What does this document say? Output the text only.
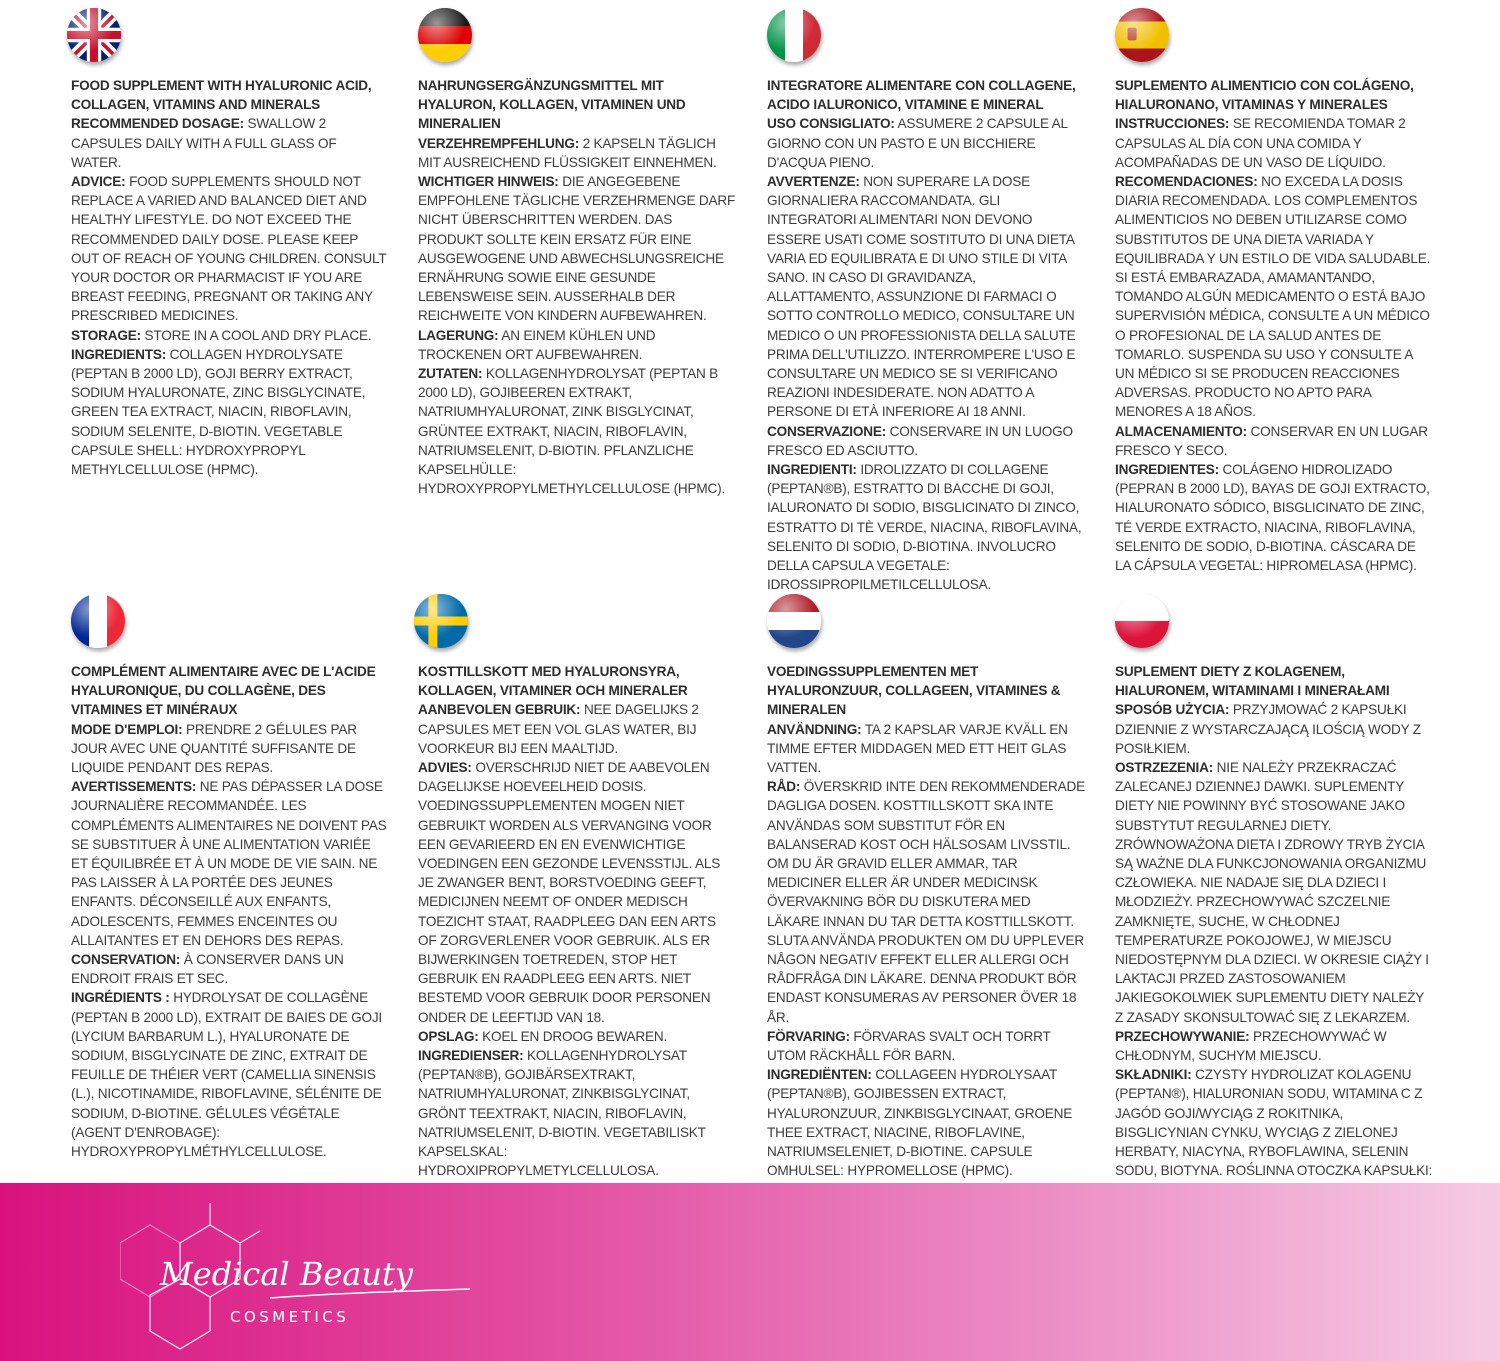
FOOD SUPPLEMENT WITH HYALURONIC ACID, COLLAGEN, VITAMINS AND MINERALS
RECOMMENDED DOSAGE: SWALLOW 2 CAPSULES DAILY WITH A FULL GLASS OF WATER.
ADVICE: FOOD SUPPLEMENTS SHOULD NOT REPLACE A VARIED AND BALANCED DIET AND HEALTHY LIFESTYLE. DO NOT EXCEED THE RECOMMENDED DAILY DOSE. PLEASE KEEP OUT OF REACH OF YOUNG CHILDREN. CONSULT YOUR DOCTOR OR PHARMACIST IF YOU ARE BREAST FEEDING, PREGNANT OR TAKING ANY PRESCRIBED MEDICINES.
STORAGE: STORE IN A COOL AND DRY PLACE.
INGREDIENTS: COLLAGEN HYDROLYSATE (PEPTAN B 2000 LD), GOJI BERRY EXTRACT, SODIUM HYALURONATE, ZINC BISGLYCINATE, GREEN TEA EXTRACT, NIACIN, RIBOFLAVIN, SODIUM SELENITE, D-BIOTIN. VEGETABLE CAPSULE SHELL: HYDROXYPROPYL METHYLCELLULOSE (HPMC).
NAHRUNGSERGÄNZUNGSMITTEL MIT HYALURON, KOLLAGEN, VITAMINEN UND MINERALIEN
VERZEHREMPFEHLUNG: 2 KAPSELN TÄGLICH MIT AUSREICHEND FLÜSSIGKEIT EINNEHMEN.
WICHTIGER HINWEIS: DIE ANGEGEBENE EMPFOHLENE TÄGLICHE VERZEHRMENGE DARF NICHT ÜBERSCHRITTEN WERDEN. DAS PRODUKT SOLLTE KEIN ERSATZ FÜR EINE AUSGEWOGENE UND ABWECHSLUNGSREICHE ERNÄHRUNG SOWIE EINE GESUNDE LEBENSWEISE SEIN. AUSSERHALB DER REICHWEITE VON KINDERN AUFBEWAHREN.
LAGERUNG: AN EINEM KÜHLEN UND TROCKENEN ORT AUFBEWAHREN.
ZUTATEN: KOLLAGENHYDROLYSAT (PEPTAN B 2000 LD), GOJIBEEREN EXTRAKT, NATRIUMHYALURONAT, ZINK BISGLYCINAT, GRÜNTEE EXTRAKT, NIACIN, RIBOFLAVIN, NATRIUMSELENIT, D-BIOTIN. PFLANZLICHE KAPSELHÜLLE: HYDROXYPROPYLMETHYLCELLULOSE (HPMC).
INTEGRATORE ALIMENTARE CON COLLAGENE, ACIDO IALURONICO, VITAMINE E MINERAL
USO CONSIGLIATO: ASSUMERE 2 CAPSULE AL GIORNO CON UN PASTO E UN BICCHIERE D'ACQUA PIENO.
AVVERTENZE: NON SUPERARE LA DOSE GIORNALIERA RACCOMANDATA. GLI INTEGRATORI ALIMENTARI NON DEVONO ESSERE USATI COME SOSTITUTO DI UNA DIETA VARIA ED EQUILIBRATA E DI UNO STILE DI VITA SANO. IN CASO DI GRAVIDANZA, ALLATTAMENTO, ASSUNZIONE DI FARMACI O SOTTO CONTROLLO MEDICO, CONSULTARE UN MEDICO O UN PROFESSIONISTA DELLA SALUTE PRIMA DELL'UTILIZZO. INTERROMPERE L'USO E CONSULTARE UN MEDICO SE SI VERIFICANO REAZIONI INDESIDERATE. NON ADATTO A PERSONE DI ETÀ INFERIORE AI 18 ANNI.
CONSERVAZIONE: CONSERVARE IN UN LUOGO FRESCO ED ASCIUTTO.
INGREDIENTI: IDROLIZZATO DI COLLAGENE (PEPTAN®B), ESTRATTO DI BACCHE DI GOJI, IALURONATO DI SODIO, BISGLICINATO DI ZINCO, ESTRATTO DI TÈ VERDE, NIACINA, RIBOFLAVINA, SELENITO DI SODIO, D-BIOTINA. INVOLUCRO DELLA CAPSULA VEGETALE: IDROSSIPROPILMETILCELLULOSA.
SUPLEMENTO ALIMENTICIO CON COLÁGENO, HIALURONANO, VITAMINAS Y MINERALES
INSTRUCCIONES: SE RECOMIENDA TOMAR 2 CAPSULAS AL DÍA CON UNA COMIDA Y ACOMPAÑADAS DE UN VASO DE LÍQUIDO.
RECOMENDACIONES: NO EXCEDA LA DOSIS DIARIA RECOMENDADA. LOS COMPLEMENTOS ALIMENTICIOS NO DEBEN UTILIZARSE COMO SUBSTITUTOS DE UNA DIETA VARIADA Y EQUILIBRADA Y UN ESTILO DE VIDA SALUDABLE. SI ESTÁ EMBARAZADA, AMAMANTANDO, TOMANDO ALGÚN MEDICAMENTO O ESTÁ BAJO SUPERVISIÓN MÉDICA, CONSULTE A UN MÉDICO O PROFESIONAL DE LA SALUD ANTES DE TOMARLO. SUSPENDA SU USO Y CONSULTE A UN MÉDICO SI SE PRODUCEN REACCIONES ADVERSAS. PRODUCTO NO APTO PARA MENORES A 18 AÑOS.
ALMACENAMIENTO: CONSERVAR EN UN LUGAR FRESCO Y SECO.
INGREDIENTES: COLÁGENO HIDROLIZADO (PEPRAN B 2000 LD), BAYAS DE GOJI EXTRACTO, HIALURONATO SÓDICO, BISGLICINATO DE ZINC, TÉ VERDE EXTRACTO, NIACINA, RIBOFLAVINA, SELENITO DE SODIO, D-BIOTINA. CÁSCARA DE LA CÁPSULA VEGETAL: HIPROMELASA (HPMC).
COMPLÉMENT ALIMENTAIRE AVEC DE L'ACIDE HYALURONIQUE, DU COLLAGÈNE, DES VITAMINES ET MINÉRAUX
MODE D'EMPLOI: PRENDRE 2 GÉLULES PAR JOUR AVEC UNE QUANTITÉ SUFFISANTE DE LIQUIDE PENDANT DES REPAS.
AVERTISSEMENTS: NE PAS DÉPASSER LA DOSE JOURNALIÈRE RECOMMANDÉE. LES COMPLÉMENTS ALIMENTAIRES NE DOIVENT PAS SE SUBSTITUER À UNE ALIMENTATION VARIÉE ET ÉQUILIBRÉE ET À UN MODE DE VIE SAIN. NE PAS LAISSER À LA PORTÉE DES JEUNES ENFANTS. DÉCONSEILLÉ AUX ENFANTS, ADOLESCENTS, FEMMES ENCEINTES OU ALLAITANTES ET EN DEHORS DES REPAS.
CONSERVATION: À CONSERVER DANS UN ENDROIT FRAIS ET SEC.
INGRÉDIENTS : HYDROLYSAT DE COLLAGÈNE (PEPTAN B 2000 LD), EXTRAIT DE BAIES DE GOJI (LYCIUM BARBARUM L.), HYALURONATE DE SODIUM, BISGLYCINATE DE ZINC, EXTRAIT DE FEUILLE DE THÉIER VERT (CAMELLIA SINENSIS (L.), NICOTINAMIDE, RIBOFLAVINE, SÉLÉNITE DE SODIUM, D-BIOTINE. GÉLULES VÉGÉTALE (AGENT D'ENROBAGE): HYDROXYPROPYLMÉTHYLCELLULOSE.
KOSTTILLSKOTT MED HYALURONSYRA, KOLLAGEN, VITAMINER OCH MINERALER
AANBEVOLEN GEBRUIK: NEE DAGELIJKS 2 CAPSULES MET EEN VOL GLAS WATER, BIJ VOORKEUR BIJ EEN MAALTIJD.
ADVIES: OVERSCHRIJD NIET DE AABEVOLEN DAGELIJKSE HOEVEELHEID DOSIS. VOEDINGSSUPPLEMENTEN MOGEN NIET GEBRUIKT WORDEN ALS VERVANGING VOOR EEN GEVARIEERD EN EN EVENWICHTIGE VOEDINGEN EEN GEZONDE LEVENSSTIJL. ALS JE ZWANGER BENT, BORSTVOEDING GEEFT, MEDICIJNEN NEEMT OF ONDER MEDISCH TOEZICHT STAAT, RAADPLEEG DAN EEN ARTS OF ZORGVERLENER VOOR GEBRUIK. ALS ER BIJWERKINGEN TOETREDEN, STOP HET GEBRUIK EN RAADPLEEG EEN ARTS. NIET BESTEMD VOOR GEBRUIK DOOR PERSONEN ONDER DE LEEFTIJD VAN 18.
OPSLAG: KOEL EN DROOG BEWAREN.
INGREDIENSER: KOLLAGENHYDROLYSAT (PEPTAN®B), GOJIBÄRSEXTRAKT, NATRIUMHYALURONAT, ZINKBISGLYCINAT, GRÖNT TEEXTRAKT, NIACIN, RIBOFLAVIN, NATRIUMSELENIT, D-BIOTIN. VEGETABILISKT KAPSELSKAL: HYDROXIPROPYLMETYLCELLULOSA.
VOEDINGSSUPPLEMENTEN MET HYALURONZUUR, COLLAGEEN, VITAMINES & MINERALEN
ANVÄNDNING: TA 2 KAPSLAR VARJE KVÄLL EN TIMME EFTER MIDDAGEN MED ETT HEIT GLAS VATTEN.
RÅD: ÖVERSKRID INTE DEN REKOMMENDERADE DAGLIGA DOSEN. KOSTTILLSKOTT SKA INTE ANVÄNDAS SOM SUBSTITUT FÖR EN BALANSERAD KOST OCH HÄLSOSAM LIVSSTIL. OM DU ÄR GRAVID ELLER AMMAR, TAR MEDICINER ELLER ÄR UNDER MEDICINSK ÖVERVAKNING BÖR DU DISKUTERA MED LÄKARE INNAN DU TAR DETTA KOSTTILLSKOTT. SLUTA ANVÄNDA PRODUKTEN OM DU UPPLEVER NÅGON NEGATIV EFFEKT ELLER ALLERGI OCH RÅDFRÅGA DIN LÄKARE. DENNA PRODUKT BÖR ENDAST KONSUMERAS AV PERSONER ÖVER 18 ÅR.
FÖRVARING: FÖRVARAS SVALT OCH TORRT UTOM RÄCKHÅLL FÖR BARN.
INGREDIËNTEN: COLLAGEEN HYDROLYSAAT (PEPTAN®B), GOJIBESSEN EXTRACT, HYALURONZUUR, ZINKBISGLYCINAAT, GROENE THEE EXTRACT, NIACINE, RIBOFLAVINE, NATRIUMSELENIET, D-BIOTINE. CAPSULE OMHULSEL: HYPROMELLOSE (HPMC).
SUPLEMENT DIETY Z KOLAGENEM, HIALURONEM, WITAMINAMI I MINERAŁAMI
SPOSÓB UŻYCIA: PRZYJMOWAĆ 2 KAPSUŁKI DZIENNIE Z WYSTARCZAJĄCĄ ILOŚCIĄ WODY Z POSIŁKIEM.
OSTRZEZENIA: NIE NALEŻY PRZEKRACZAĆ ZALECANEJ DZIENNEJ DAWKI. SUPLEMENTY DIETY NIE POWINNY BYĆ STOSOWANE JAKO SUBSTYTUT REGULARNEJ DIETY. ZRÓWNOWAŻONA DIETA I ZDROWY TRYB ŻYCIA SĄ WAŻNE DLA FUNKCJONOWANIA ORGANIZMU CZŁOWIEKA. NIE NADAJE SIĘ DLA DZIECI I MŁODZIEŻY. PRZECHOWYWAĆ SZCZELNIE ZAMKNIĘTE, SUCHE, W CHŁODNEJ TEMPERATURZE POKOJOWEJ, W MIEJSCU NIEDOSTĘPNYM DLA DZIECI. W OKRESIE CIĄŻY I LAKTACJI PRZED ZASTOSOWANIEM JAKIEGOKOLWIEK SUPLEMENTU DIETY NALEŻY Z ZASADY SKONSULTOWAĆ SIĘ Z LEKARZEM.
PRZECHOWYWANIE: PRZECHOWYWAĆ W CHŁODNYM, SUCHYM MIEJSCU.
SKŁADNIKI: CZYSTY HYDROLIZAT KOLAGENU (PEPTAN®), HIALURONIAN SODU, WITAMINA C Z JAGÓD GOJI/WYCIĄG Z ROKITNIKA, BISGLICYNIAN CYNKU, WYCIĄG Z ZIELONEJ HERBATY, NIACYNA, RYBOFLAWINA, SELENIN SODU, BIOTYNA. ROŚLINNA OTOCZKA KAPSUŁKI:
Medical Beauty
COSMETICS
